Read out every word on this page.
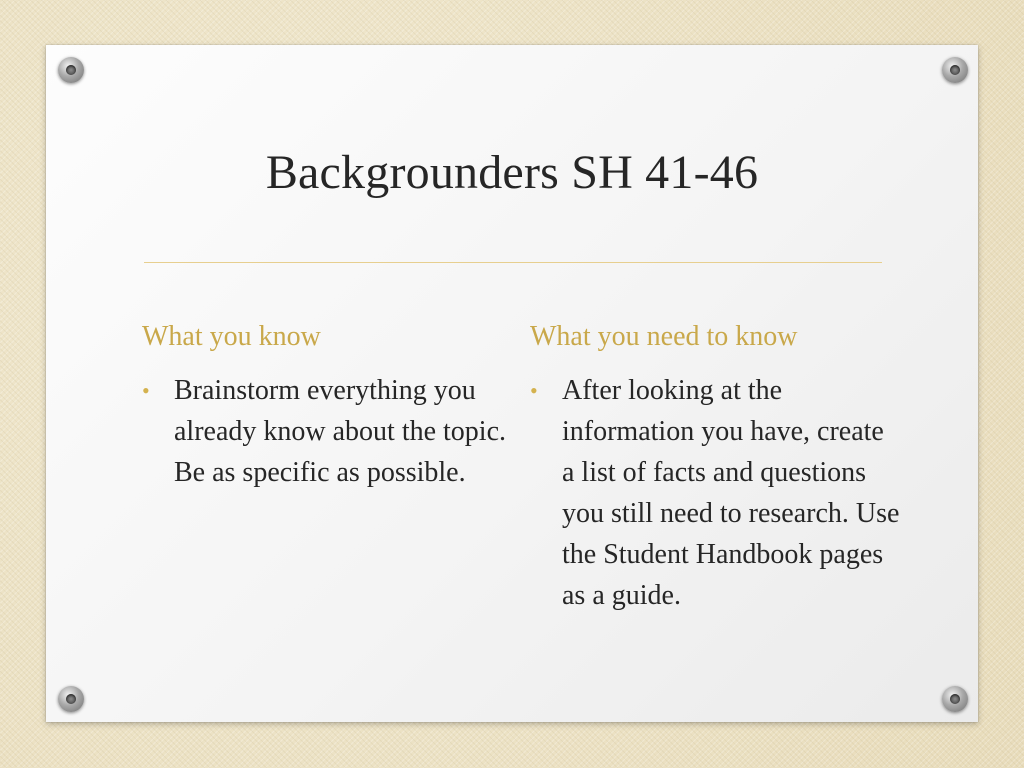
Backgrounders SH 41-46
What you know
• Brainstorm everything you already know about the topic. Be as specific as possible.
What you need to know
• After looking at the information you have, create a list of facts and questions you still need to research. Use the Student Handbook pages as a guide.
